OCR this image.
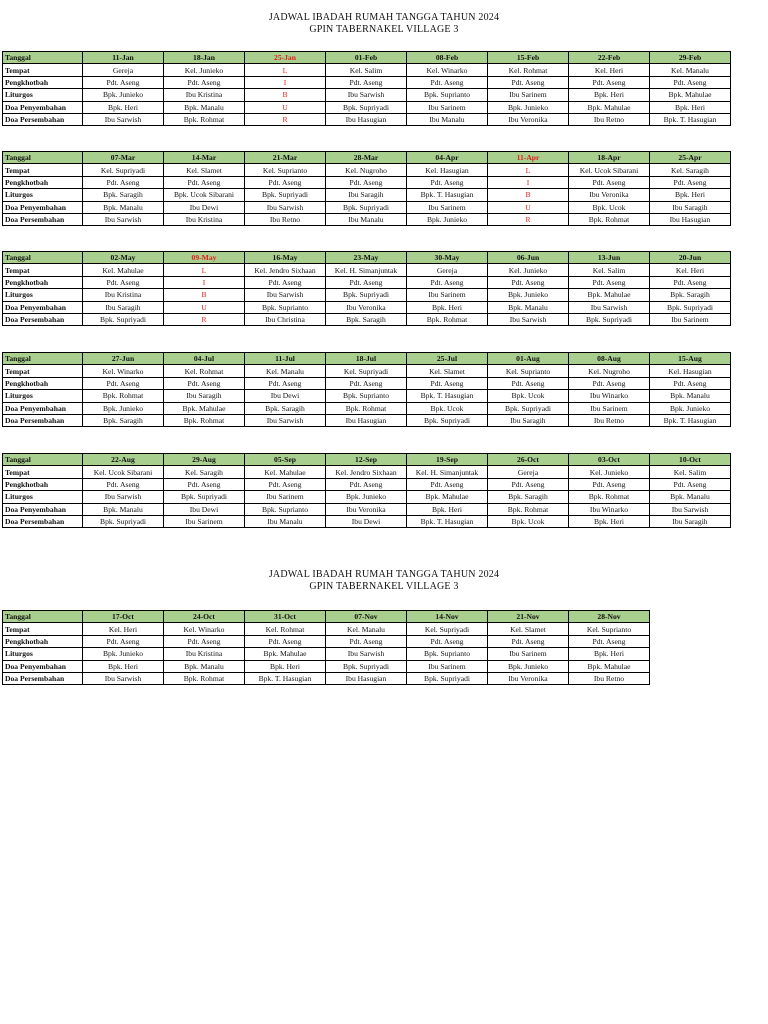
JADWAL IBADAH RUMAH TANGGA TAHUN 2024
GPIN TABERNAKEL VILLAGE 3
JADWAL IBADAH RUMAH TANGGA TAHUN 2024
GPIN TABERNAKEL VILLAGE 3
Tanggal	11-Jan	18-Jan	25-Jan	01-Feb	08-Feb	15-Feb	22-Feb	29-Feb
Tempat	Gereja	Kel. Junieko	L	Kel. Salim	Kel. Winarko	Kel. Rohmat	Kel. Heri	Kel. Manalu
Pengkhotbah	Pdt. Aseng	Pdt. Aseng	I	Pdt. Aseng	Pdt. Aseng	Pdt. Aseng	Pdt. Aseng	Pdt. Aseng
Liturgos	Bpk. Junieko	Ibu Kristina	B	Ibu Sarwish	Bpk. Suprianto	Ibu Sarinem	Bpk. Heri	Bpk. Mahulae
Doa Penyembahan	Bpk. Heri	Bpk. Manalu	U	Bpk. Supriyadi	Ibu Sarinem	Bpk. Junieko	Bpk. Mahulae	Bpk. Heri
Doa Persembahan	Ibu Sarwish	Bpk. Rohmat	R	Ibu Hasugian	Ibu Manalu	Ibu Veronika	Ibu Retno	Bpk. T. Hasugian
Tanggal	07-Mar	14-Mar	21-Mar	28-Mar	04-Apr	11-Apr	18-Apr	25-Apr
Tempat	Kel. Supriyadi	Kel. Slamet	Kel. Suprianto	Kel. Nugroho	Kel. Hasugian	L	Kel. Ucok Sibarani	Kel. Saragih
Pengkhotbah	Pdt. Aseng	Pdt. Aseng	Pdt. Aseng	Pdt. Aseng	Pdt. Aseng	I	Pdt. Aseng	Pdt. Aseng
Liturgos	Bpk. Saragih	Bpk. Ucok Sibarani	Bpk. Supriyadi	Ibu Saragih	Bpk. T. Hasugian	B	Ibu Veronika	Bpk. Heri
Doa Penyembahan	Bpk. Manalu	Ibu Dewi	Ibu Sarwish	Bpk. Supriyadi	Ibu Sarinem	U	Bpk. Ucok	Ibu Saragih
Doa Persembahan	Ibu Sarwish	Ibu Kristina	Ibu Retno	Ibu Manalu	Bpk. Junieko	R	Bpk. Rohmat	Ibu Hasugian
Tanggal	02-May	09-May	16-May	23-May	30-May	06-Jun	13-Jun	20-Jun
Tempat	Kel. Mahulae	L	Kel. Jendro Sixhaan	Kel. H. Simanjuntak	Gereja	Kel. Junieko	Kel. Salim	Kel. Heri
Pengkhotbah	Pdt. Aseng	I	Pdt. Aseng	Pdt. Aseng	Pdt. Aseng	Pdt. Aseng	Pdt. Aseng	Pdt. Aseng
Liturgos	Ibu Kristina	B	Ibu Sarwish	Bpk. Supriyadi	Ibu Sarinem	Bpk. Junieko	Bpk. Mahulae	Bpk. Saragih
Doa Penyembahan	Ibu Saragih	U	Bpk. Suprianto	Ibu Veronika	Bpk. Heri	Bpk. Manalu	Ibu Sarwish	Bpk. Supriyadi
Doa Persembahan	Bpk. Supriyadi	R	Ibu Christina	Bpk. Saragih	Bpk. Rohmat	Ibu Sarwish	Bpk. Supriyadi	Ibu Sarinem
Tanggal	27-Jun	04-Jul	11-Jul	18-Jul	25-Jul	01-Aug	08-Aug	15-Aug
Tempat	Kel. Winarko	Kel. Rohmat	Kel. Manalu	Kel. Supriyadi	Kel. Slamet	Kel. Suprianto	Kel. Nugroho	Kel. Hasugian
Pengkhotbah	Pdt. Aseng	Pdt. Aseng	Pdt. Aseng	Pdt. Aseng	Pdt. Aseng	Pdt. Aseng	Pdt. Aseng	Pdt. Aseng
Liturgos	Bpk. Rohmat	Ibu Saragih	Ibu Dewi	Bpk. Suprianto	Bpk. T. Hasugian	Bpk. Ucok	Ibu Winarko	Bpk. Manalu
Doa Penyembahan	Bpk. Junieko	Bpk. Mahulae	Bpk. Saragih	Bpk. Rohmat	Bpk. Ucok	Bpk. Supriyadi	Ibu Sarinem	Bpk. Junieko
Doa Persembahan	Bpk. Saragih	Bpk. Rohmat	Ibu Sarwish	Ibu Hasugian	Bpk. Supriyadi	Ibu Saragih	Ibu Retno	Bpk. T. Hasugian
Tanggal	22-Aug	29-Aug	05-Sep	12-Sep	19-Sep	26-Oct	03-Oct	10-Oct
Tempat	Kel. Ucok Sibarani	Kel. Saragih	Kel. Mahulae	Kel. Jendro Sixhaan	Kel. H. Simanjuntak	Gereja	Kel. Junieko	Kel. Salim
Pengkhotbah	Pdt. Aseng	Pdt. Aseng	Pdt. Aseng	Pdt. Aseng	Pdt. Aseng	Pdt. Aseng	Pdt. Aseng	Pdt. Aseng
Liturgos	Ibu Sarwish	Bpk. Supriyadi	Ibu Sarinem	Bpk. Junieko	Bpk. Mahulae	Bpk. Saragih	Bpk. Rohmat	Bpk. Manalu
Doa Penyembahan	Bpk. Manalu	Ibu Dewi	Bpk. Suprianto	Ibu Veronika	Bpk. Heri	Bpk. Rohmat	Ibu Winarko	Ibu Sarwish
Doa Persembahan	Bpk. Supriyadi	Ibu Sarinem	Ibu Manalu	Ibu Dewi	Bpk. T. Hasugian	Bpk. Ucok	Bpk. Heri	Ibu Saragih
Tanggal	17-Oct	24-Oct	31-Oct	07-Nov	14-Nov	21-Nov	28-Nov
Tempat	Kel. Heri	Kel. Winarko	Kel. Rohmat	Kel. Manalu	Kel. Supriyadi	Kel. Slamet	Kel. Suprianto
Pengkhotbah	Pdt. Aseng	Pdt. Aseng	Pdt. Aseng	Pdt. Aseng	Pdt. Aseng	Pdt. Aseng	Pdt. Aseng
Liturgos	Bpk. Junieko	Ibu Kristina	Bpk. Mahulae	Ibu Sarwish	Bpk. Suprianto	Ibu Sarinem	Bpk. Heri
Doa Penyembahan	Bpk. Heri	Bpk. Manalu	Bpk. Heri	Bpk. Supriyadi	Ibu Sarinem	Bpk. Junieko	Bpk. Mahulae
Doa Persembahan	Ibu Sarwish	Bpk. Rohmat	Bpk. T. Hasugian	Ibu Hasugian	Bpk. Supriyadi	Ibu Veronika	Ibu Retno
